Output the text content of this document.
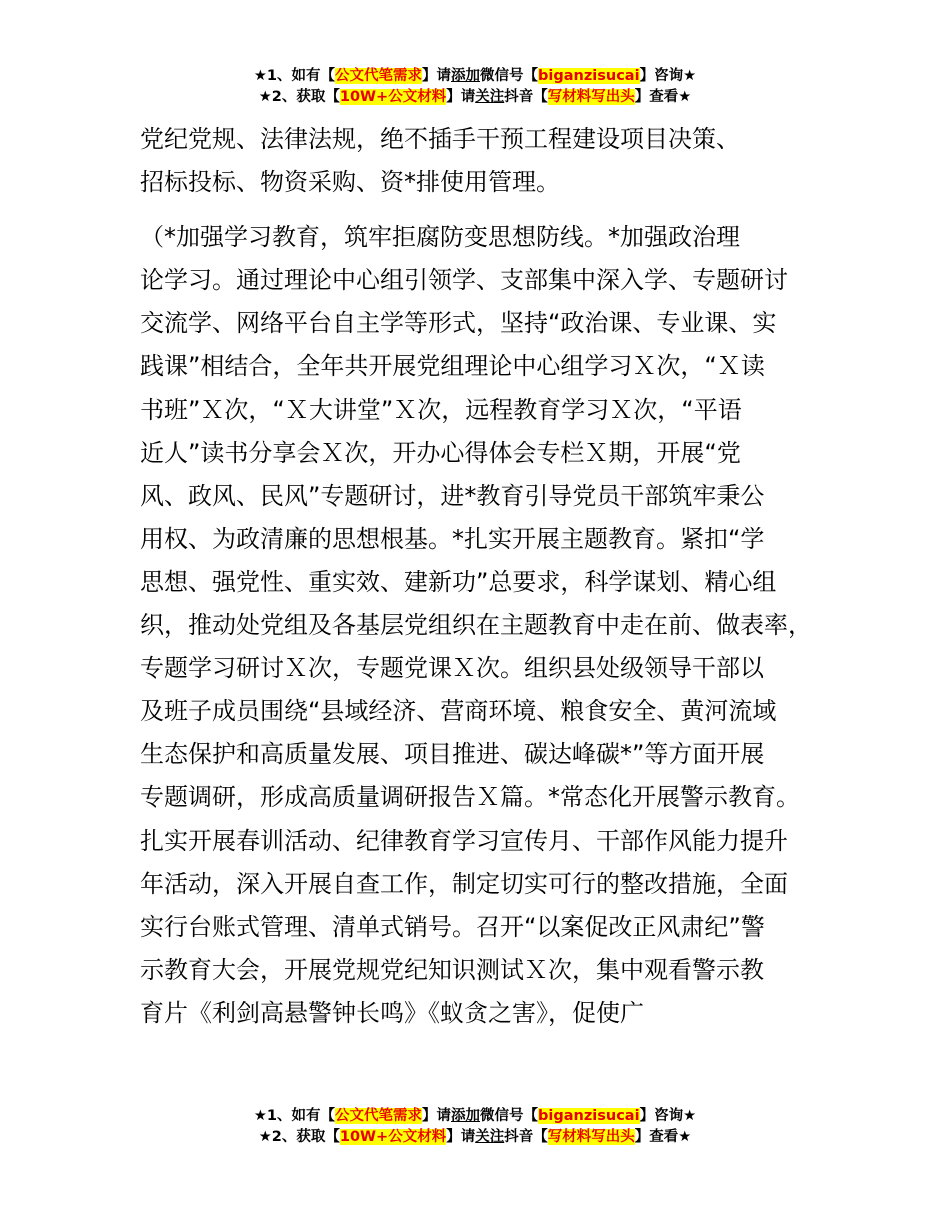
★1、如有【公文代笔需求】请添加微信号【biganzisucai】咨询★
★2、获取【10W+公文材料】请关注抖音【写材料写出头】查看★
党纪党规、法律法规，绝不插手干预工程建设项目决策、
招标投标、物资采购、资*排使用管理。
（*加强学习教育，筑牢拒腐防变思想防线。*加强政治理
论学习。通过理论中心组引领学、支部集中深入学、专题研讨
交流学、网络平台自主学等形式，坚持“政治课、专业课、实
践课”相结合，全年共开展党组理论中心组学习Ｘ次，“Ｘ读
书班”Ｘ次，“Ｘ大讲堂”Ｘ次，远程教育学习Ｘ次，“平语
近人”读书分享会Ｘ次，开办心得体会专栏Ｘ期，开展“党
风、政风、民风”专题研讨，进*教育引导党员干部筑牢秉公
用权、为政清廉的思想根基。*扎实开展主题教育。紧扣“学
思想、强党性、重实效、建新功”总要求，科学谋划、精心组
织，推动处党组及各基层党组织在主题教育中走在前、做表率，
专题学习研讨Ｘ次，专题党课Ｘ次。组织县处级领导干部以
及班子成员围绕“县域经济、营商环境、粮食安全、黄河流域
生态保护和高质量发展、项目推进、碳达峰碳*”等方面开展
专题调研，形成高质量调研报告Ｘ篇。*常态化开展警示教育。
扎实开展春训活动、纪律教育学习宣传月、干部作风能力提升
年活动，深入开展自查工作，制定切实可行的整改措施，全面
实行台账式管理、清单式销号。召开“以案促改正风肃纪”警
示教育大会，开展党规党纪知识测试Ｘ次，集中观看警示教
育片《利剑高悬警钟长鸣》《蚁贪之害》，促使广
★1、如有【公文代笔需求】请添加微信号【biganzisucai】咨询★
★2、获取【10W+公文材料】请关注抖音【写材料写出头】查看★
